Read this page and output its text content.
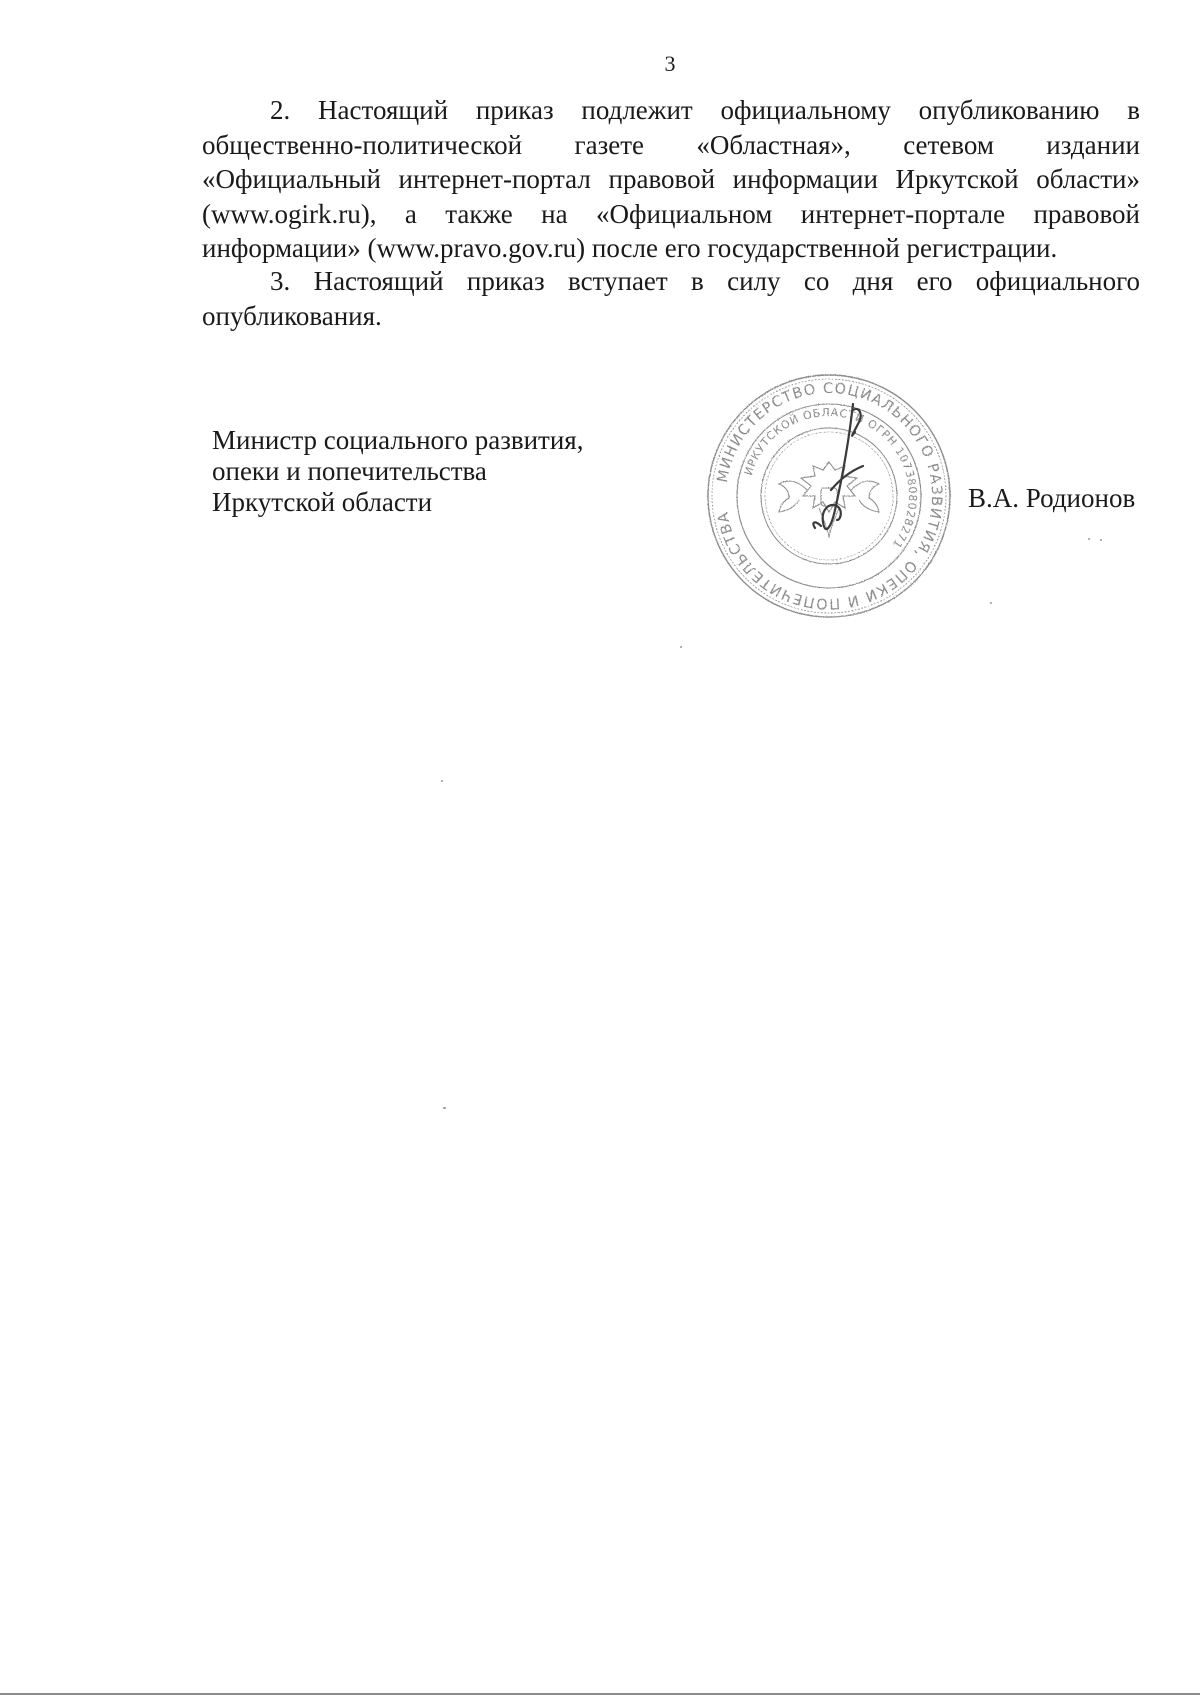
3

2. Настоящий приказ подлежит официальному опубликованию в общественно-политической газете «Областная», сетевом издании «Официальный интернет-портал правовой информации Иркутской области» (www.ogirk.ru), а также на «Официальном интернет-портале правовой информации» (www.pravo.gov.ru) после его государственной регистрации.

3. Настоящий приказ вступает в силу со дня его официального опубликования.

Министр социального развития,
опеки и попечительства
Иркутской области
МИНИСТЕРСТВО СОЦИАЛЬНОГО РАЗВИТИЯ, ОПЕКИ И ПОПЕЧИТЕЛЬСТВА
ИРКУТСКОЙ ОБЛАСТИ ОГРН 1073808028271
В.А. Родионов
